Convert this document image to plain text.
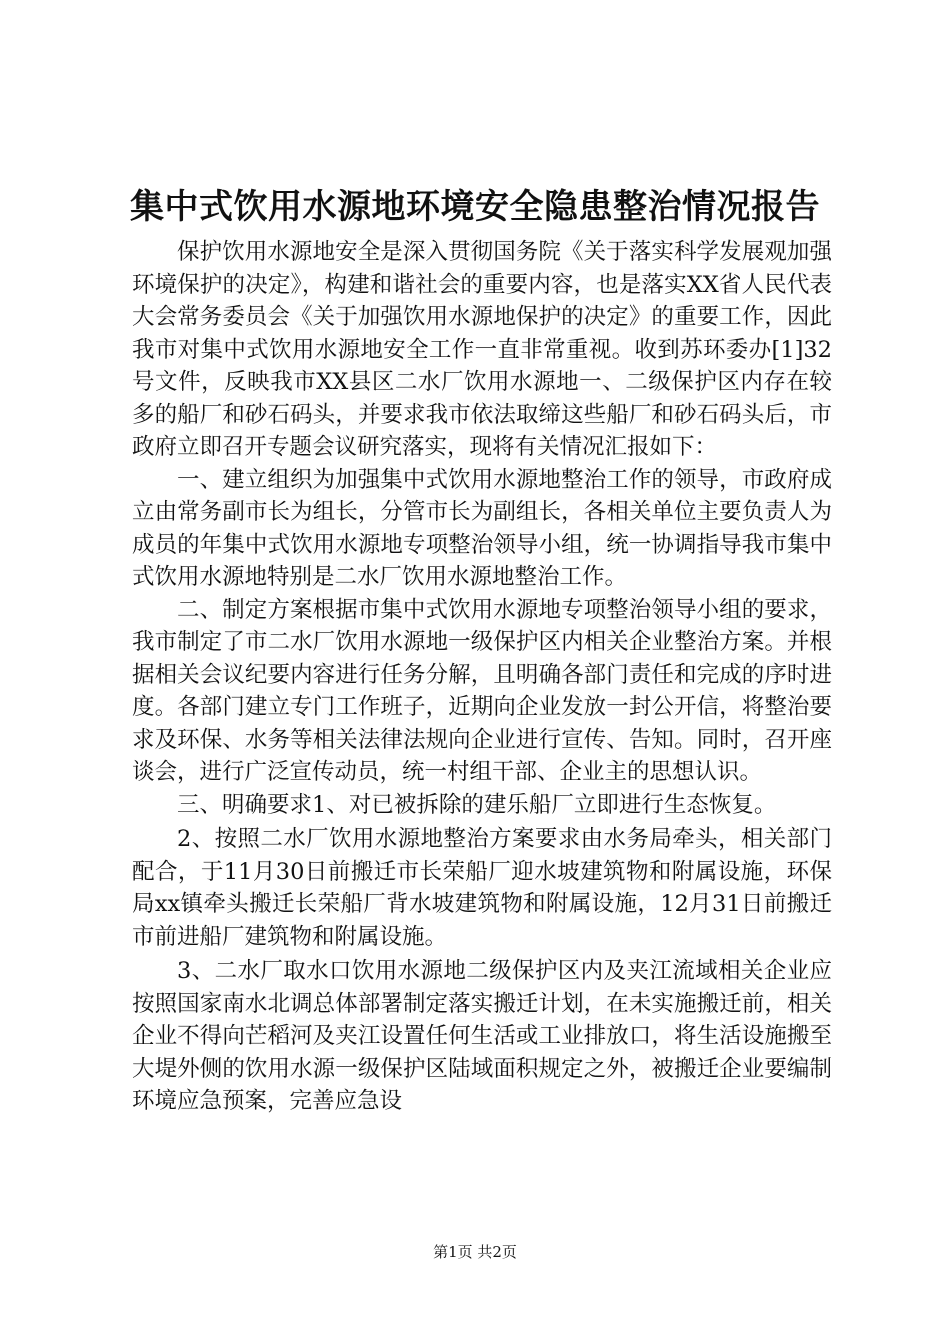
集中式饮用水源地环境安全隐患整治情况报告

保护饮用水源地安全是深入贯彻国务院《关于落实科学发展观加强环境保护的决定》，构建和谐社会的重要内容，也是落实XX省人民代表大会常务委员会《关于加强饮用水源地保护的决定》的重要工作，因此我市对集中式饮用水源地安全工作一直非常重视。收到苏环委办[1]32号文件，反映我市XX县区二水厂饮用水源地一、二级保护区内存在较多的船厂和砂石码头，并要求我市依法取缔这些船厂和砂石码头后，市政府立即召开专题会议研究落实，现将有关情况汇报如下：

一、建立组织为加强集中式饮用水源地整治工作的领导，市政府成立由常务副市长为组长，分管市长为副组长，各相关单位主要负责人为成员的年集中式饮用水源地专项整治领导小组，统一协调指导我市集中式饮用水源地特别是二水厂饮用水源地整治工作。

二、制定方案根据市集中式饮用水源地专项整治领导小组的要求，我市制定了市二水厂饮用水源地一级保护区内相关企业整治方案。并根据相关会议纪要内容进行任务分解，且明确各部门责任和完成的序时进度。各部门建立专门工作班子，近期向企业发放一封公开信，将整治要求及环保、水务等相关法律法规向企业进行宣传、告知。同时，召开座谈会，进行广泛宣传动员，统一村组干部、企业主的思想认识。

三、明确要求1、对已被拆除的建乐船厂立即进行生态恢复。

2、按照二水厂饮用水源地整治方案要求由水务局牵头，相关部门配合，于11月30日前搬迁市长荣船厂迎水坡建筑物和附属设施，环保局xx镇牵头搬迁长荣船厂背水坡建筑物和附属设施，12月31日前搬迁市前进船厂建筑物和附属设施。

3、二水厂取水口饮用水源地二级保护区内及夹江流域相关企业应按照国家南水北调总体部署制定落实搬迁计划，在未实施搬迁前，相关企业不得向芒稻河及夹江设置任何生活或工业排放口，将生活设施搬至大堤外侧的饮用水源一级保护区陆域面积规定之外，被搬迁企业要编制环境应急预案，完善应急设

第1页 共2页
